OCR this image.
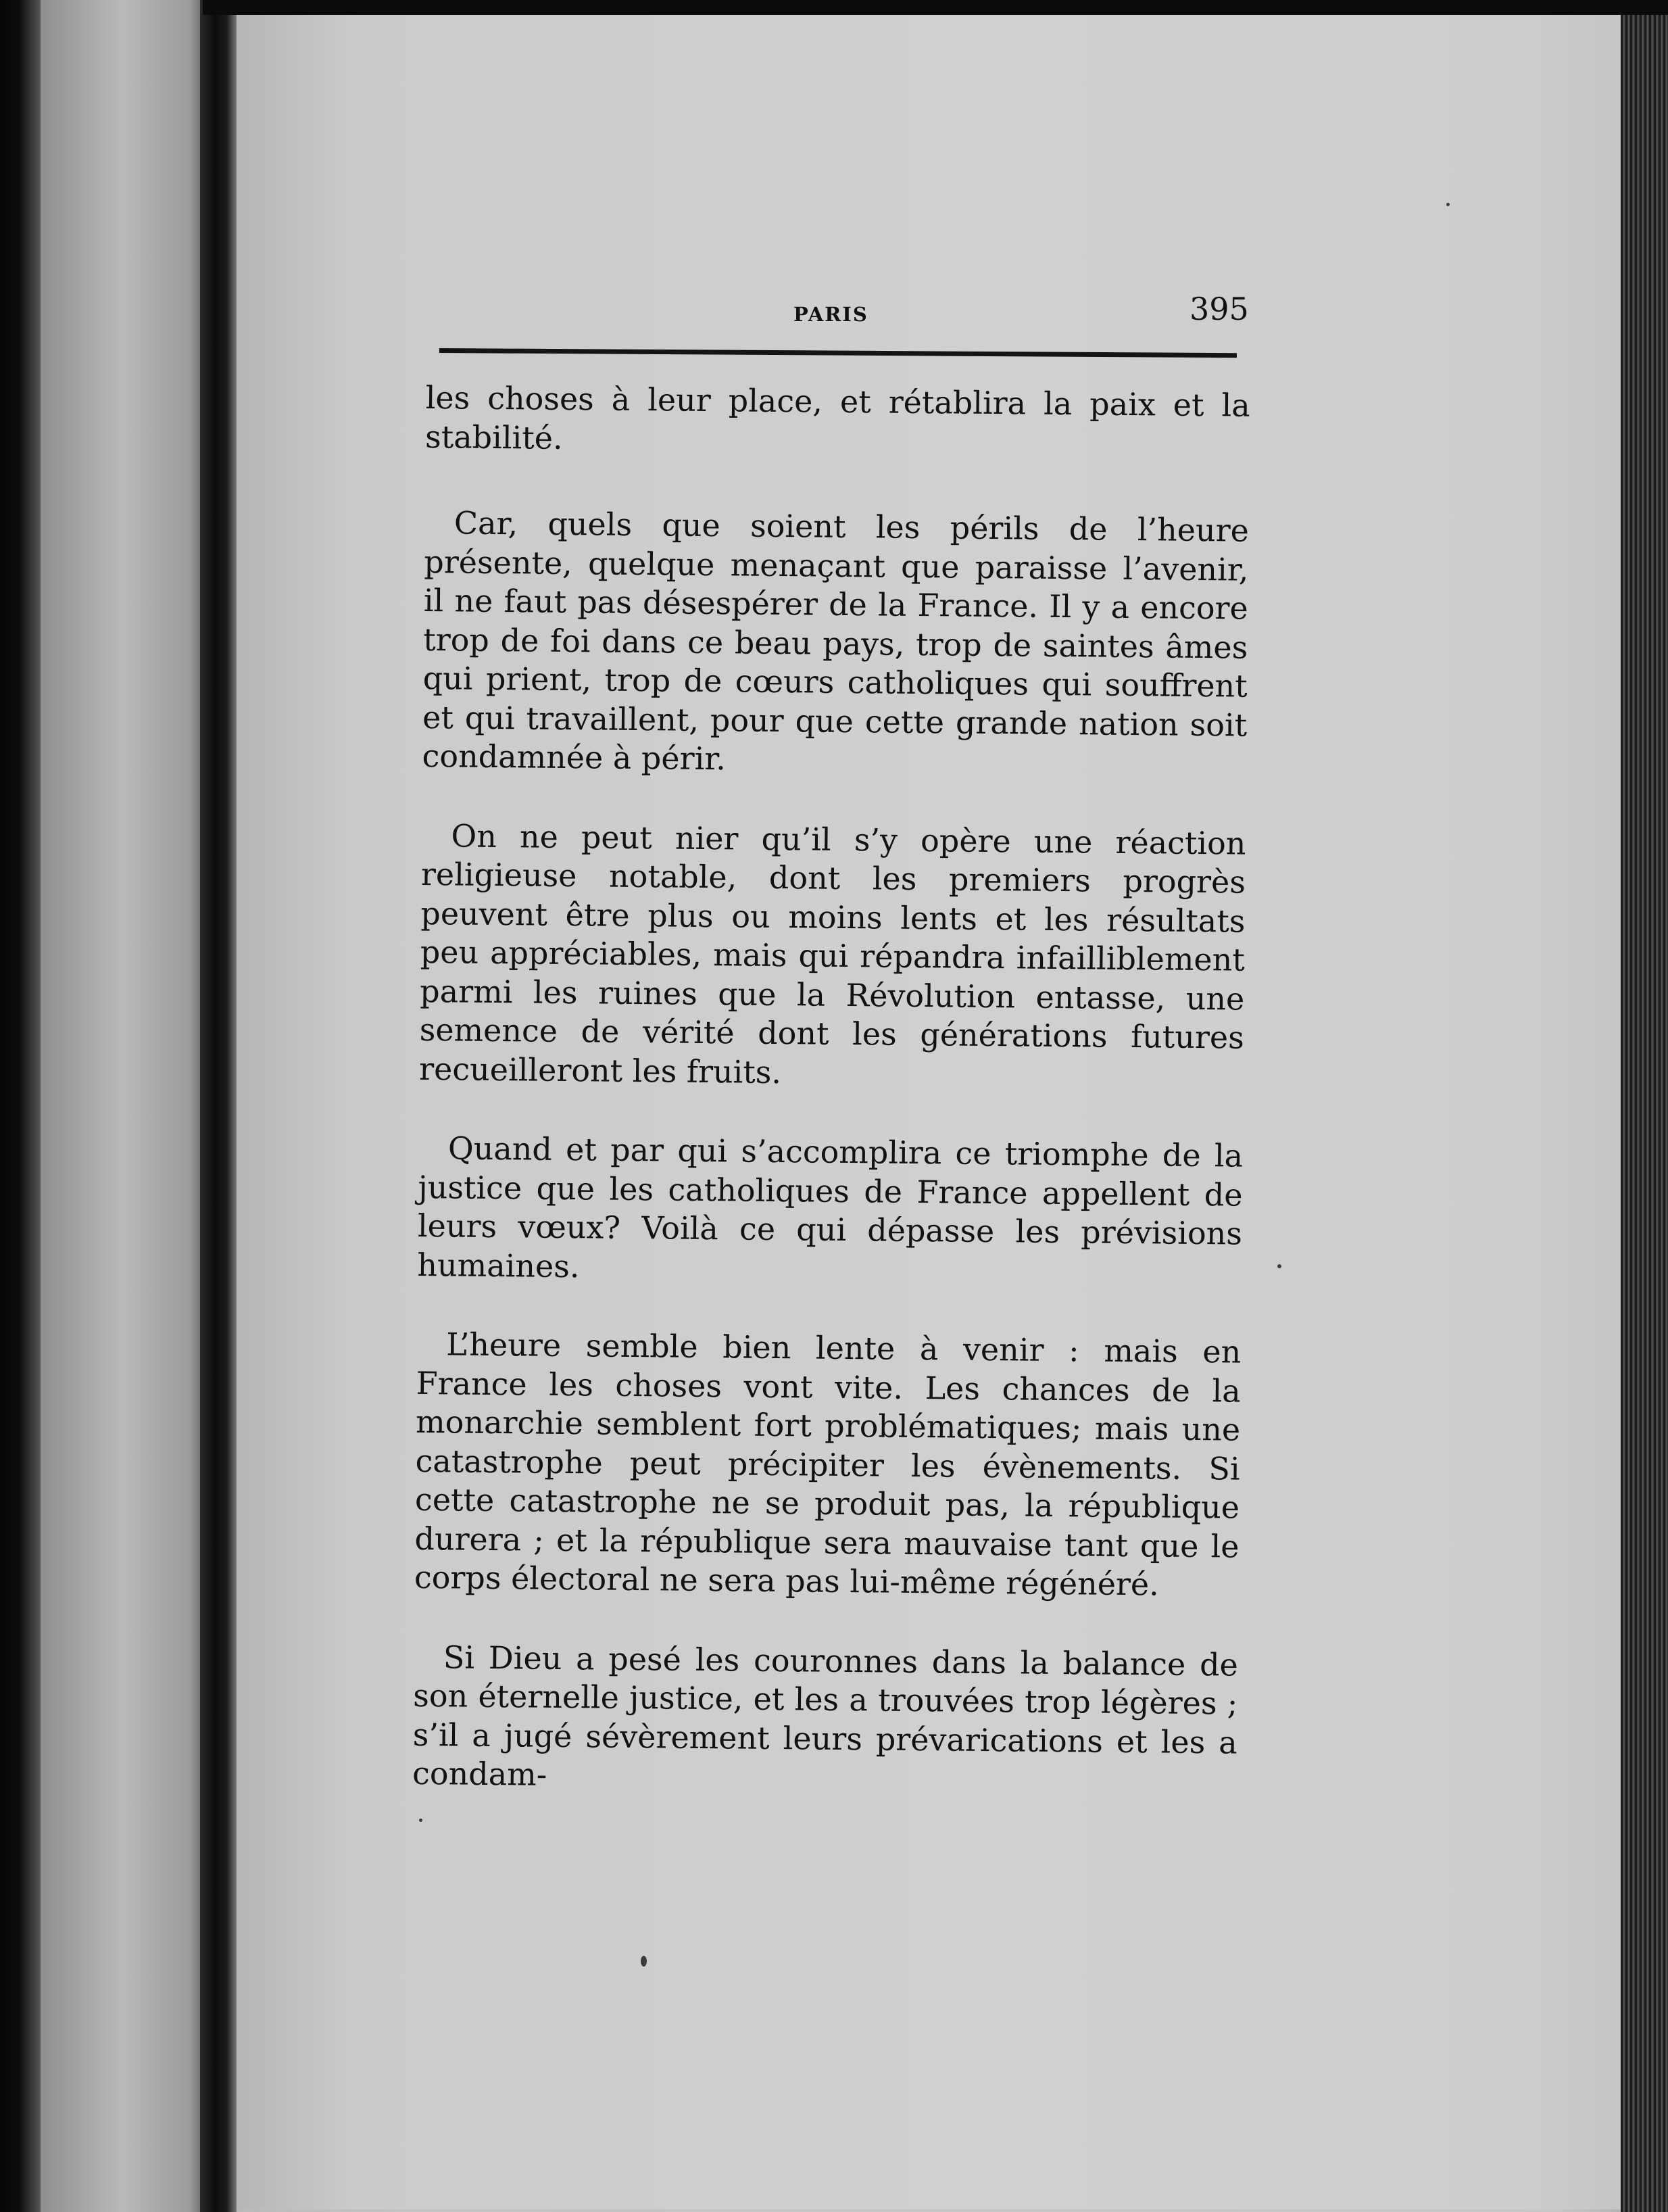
PARIS	395

les choses à leur place, et rétablira la paix et la stabilité.

Car, quels que soient les périls de l’heure présente, quelque menaçant que paraisse l’avenir, il ne faut pas désespérer de la France. Il y a encore trop de foi dans ce beau pays, trop de saintes âmes qui prient, trop de cœurs catholiques qui souffrent et qui travaillent, pour que cette grande nation soit condamnée à périr.

On ne peut nier qu’il s’y opère une réaction religieuse notable, dont les premiers progrès peuvent être plus ou moins lents et les résultats peu appréciables, mais qui répandra infailliblement parmi les ruines que la Révolution entasse, une semence de vérité dont les générations futures recueilleront les fruits.

Quand et par qui s’accomplira ce triomphe de la justice que les catholiques de France appellent de leurs vœux? Voilà ce qui dépasse les prévisions humaines.

L’heure semble bien lente à venir : mais en France les choses vont vite. Les chances de la monarchie semblent fort problématiques; mais une catastrophe peut précipiter les évènements. Si cette catastrophe ne se produit pas, la république durera ; et la république sera mauvaise tant que le corps électoral ne sera pas lui-même régénéré.

Si Dieu a pesé les couronnes dans la balance de son éternelle justice, et les a trouvées trop légères ; s’il a jugé sévèrement leurs prévarications et les a condam-
